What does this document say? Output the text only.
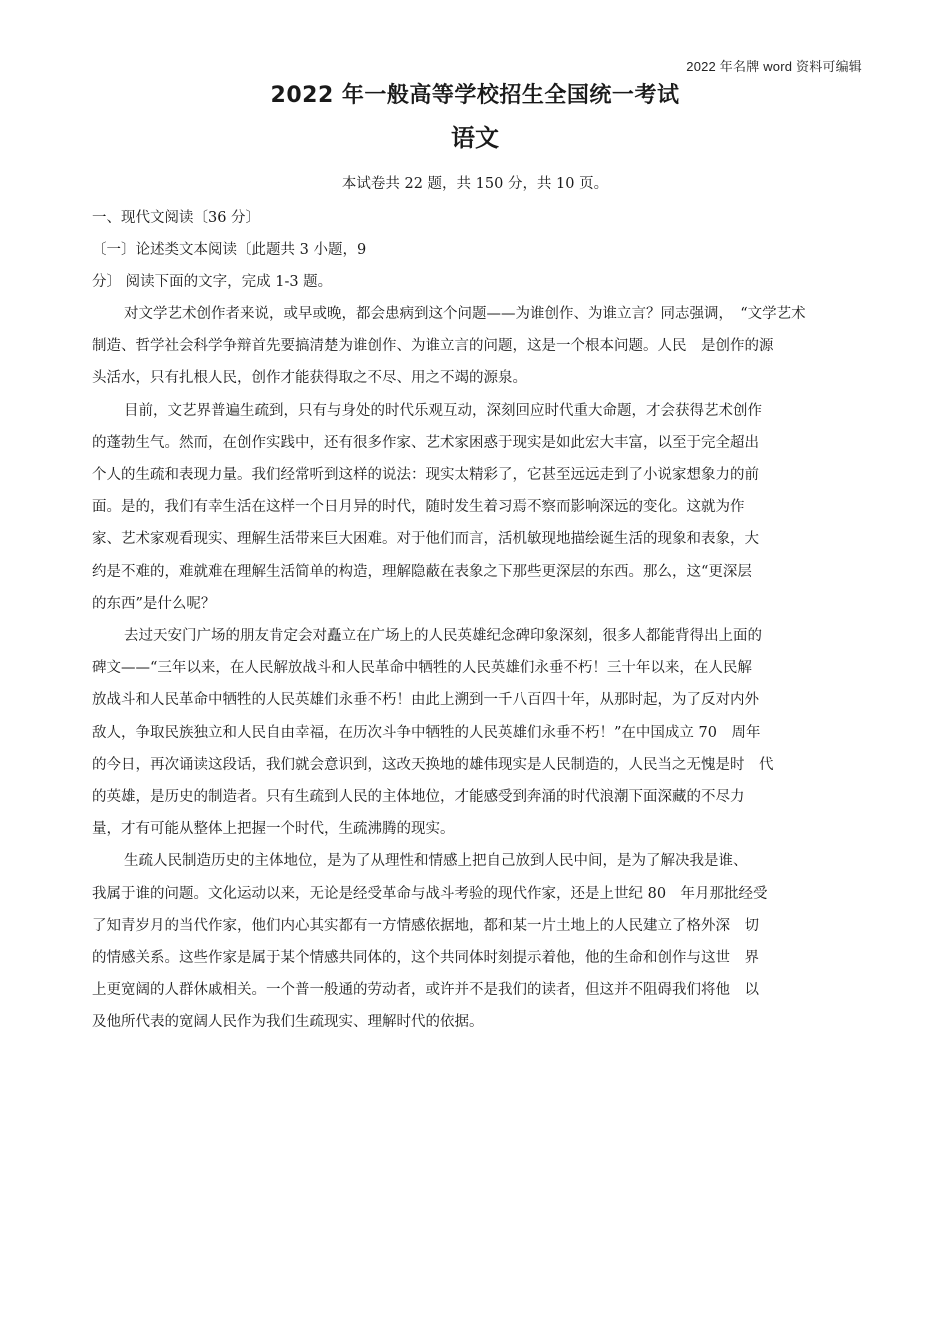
2022 年名牌 word 资料可编辑
2022 年一般高等学校招生全国统一考试
语文
本试卷共 22 题，共 150 分，共 10 页。
一、现代文阅读〔36 分〕
〔一〕论述类文本阅读〔此题共 3 小题，9
分〕 阅读下面的文字，完成 1-3 题。
对文学艺术创作者来说，或早或晚，都会患病到这个问题——为谁创作、为谁立言？同志强调，　“文学艺术
制造、哲学社会科学争辩首先要搞清楚为谁创作、为谁立言的问题，这是一个根本问题。人民　是创作的源
头活水，只有扎根人民，创作才能获得取之不尽、用之不竭的源泉。
目前，文艺界普遍生疏到，只有与身处的时代乐观互动，深刻回应时代重大命题，才会获得艺术创作
的蓬勃生气。然而，在创作实践中，还有很多作家、艺术家困惑于现实是如此宏大丰富，以至于完全超出
个人的生疏和表现力量。我们经常听到这样的说法：现实太精彩了，它甚至远远走到了小说家想象力的前
面。是的，我们有幸生活在这样一个日月异的时代，随时发生着习焉不察而影响深远的变化。这就为作
家、艺术家观看现实、理解生活带来巨大困难。对于他们而言，活机敏现地描绘诞生活的现象和表象，大
约是不难的，难就难在理解生活简单的构造，理解隐蔽在表象之下那些更深层的东西。那么，这“更深层
的东西”是什么呢？
去过天安门广场的朋友肯定会对矗立在广场上的人民英雄纪念碑印象深刻，很多人都能背得出上面的
碑文——“三年以来，在人民解放战斗和人民革命中牺牲的人民英雄们永垂不朽！三十年以来，在人民解
放战斗和人民革命中牺牲的人民英雄们永垂不朽！由此上溯到一千八百四十年，从那时起，为了反对内外
敌人，争取民族独立和人民自由幸福，在历次斗争中牺牲的人民英雄们永垂不朽！”在中国成立 70　周年
的今日，再次诵读这段话，我们就会意识到，这改天换地的雄伟现实是人民制造的，人民当之无愧是时　代
的英雄，是历史的制造者。只有生疏到人民的主体地位，才能感受到奔涌的时代浪潮下面深藏的不尽力
量，才有可能从整体上把握一个时代，生疏沸腾的现实。
生疏人民制造历史的主体地位，是为了从理性和情感上把自己放到人民中间，是为了解决我是谁、
我属于谁的问题。文化运动以来，无论是经受革命与战斗考验的现代作家，还是上世纪 80　年月那批经受
了知青岁月的当代作家，他们内心其实都有一方情感依据地，都和某一片土地上的人民建立了格外深　切
的情感关系。这些作家是属于某个情感共同体的，这个共同体时刻提示着他，他的生命和创作与这世　界
上更宽阔的人群休戚相关。一个普一般通的劳动者，或许并不是我们的读者，但这并不阻碍我们将他　以
及他所代表的宽阔人民作为我们生疏现实、理解时代的依据。
